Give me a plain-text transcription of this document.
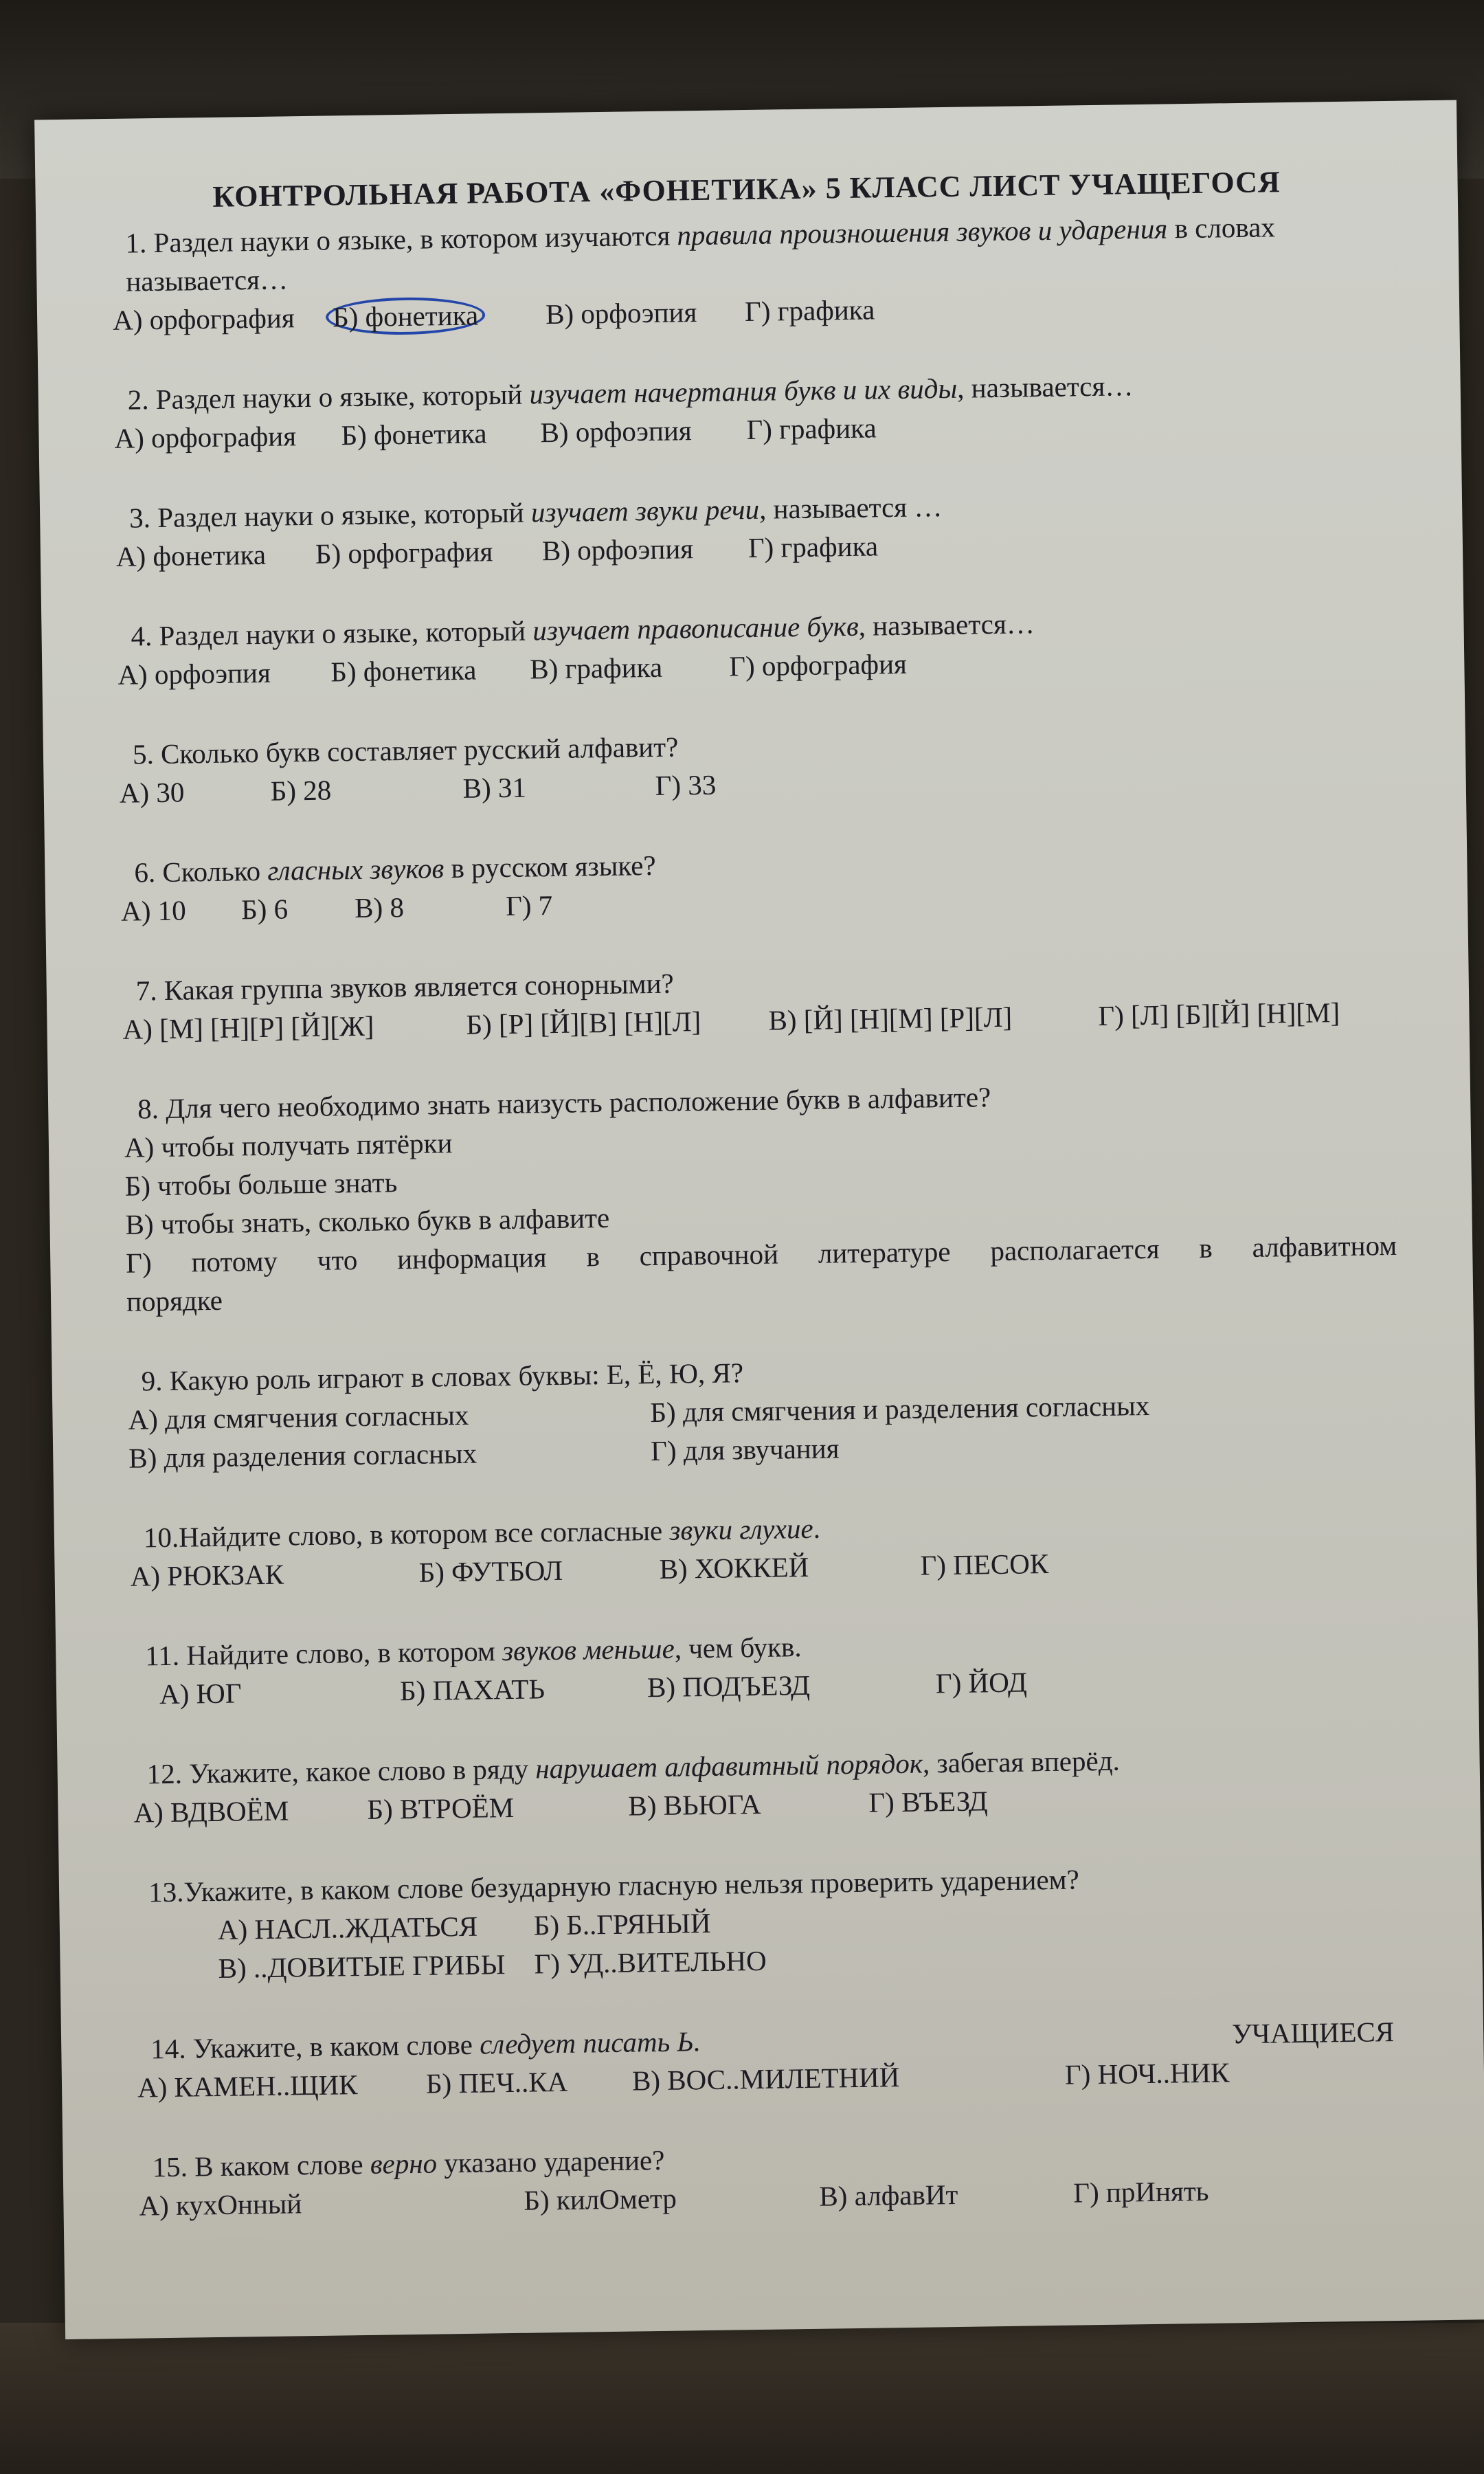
КОНТРОЛЬНАЯ РАБОТА «ФОНЕТИКА» 5 КЛАСС ЛИСТ УЧАЩЕГОСЯ
1. Раздел науки о языке, в котором изучаются правила произношения звуков и ударения в словах называется…
А) орфография	Б) фонетика	В) орфоэпия	Г) графика
2. Раздел науки о языке, который изучает начертания букв и их виды, называется…
А) орфография	Б) фонетика	В) орфоэпия	Г) графика
3. Раздел науки о языке, который изучает звуки речи, называется …
А) фонетика	Б) орфография	В) орфоэпия	Г) графика
4. Раздел науки о языке, который изучает правописание букв, называется…
А) орфоэпия	Б) фонетика	В) графика	Г) орфография
5. Сколько букв составляет русский алфавит?
А) 30	Б) 28	В) 31	Г) 33
6. Сколько гласных звуков в русском языке?
А) 10	Б) 6	В) 8	Г) 7
7. Какая группа звуков является сонорными?
А) [М] [Н][Р] [Й][Ж]	Б) [Р] [Й][В] [Н][Л]	В) [Й] [Н][М] [Р][Л]	Г) [Л] [Б][Й] [Н][М]
8. Для чего необходимо знать наизусть расположение букв в алфавите?
А) чтобы получать пятёрки
Б) чтобы больше знать
В) чтобы знать, сколько букв в алфавите
Г) потому что информация в справочной литературе располагается в алфавитном
порядке
9. Какую роль играют в словах буквы: Е, Ё, Ю, Я?
А) для смягчения согласных	Б) для смягчения и разделения согласных
В) для разделения согласных	Г) для звучания
10.Найдите слово, в котором все согласные звуки глухие.
А) РЮКЗАК	Б) ФУТБОЛ	В) ХОККЕЙ	Г) ПЕСОК
11. Найдите слово, в котором звуков меньше, чем букв.
А) ЮГ	Б) ПАХАТЬ	В) ПОДЪЕЗД	Г) ЙОД
12. Укажите, какое слово в ряду нарушает алфавитный порядок, забегая вперёд.
А) ВДВОЁМ	Б) ВТРОЁМ	В) ВЬЮГА	Г) ВЪЕЗД
13.Укажите, в каком слове безударную гласную нельзя проверить ударением?
А) НАСЛ..ЖДАТЬСЯ	Б) Б..ГРЯНЫЙ
В) ..ДОВИТЫЕ ГРИБЫ	Г) УД..ВИТЕЛЬНО
14. Укажите, в каком слове следует писать Ь.	УЧАЩИЕСЯ
А) КАМЕН..ЩИК	Б) ПЕЧ..КА	В) ВОС..МИЛЕТНИЙ	Г) НОЧ..НИК
15. В каком слове верно указано ударение?
А) кухОнный	Б) килОметр	В) алфавИт	Г) прИнять
